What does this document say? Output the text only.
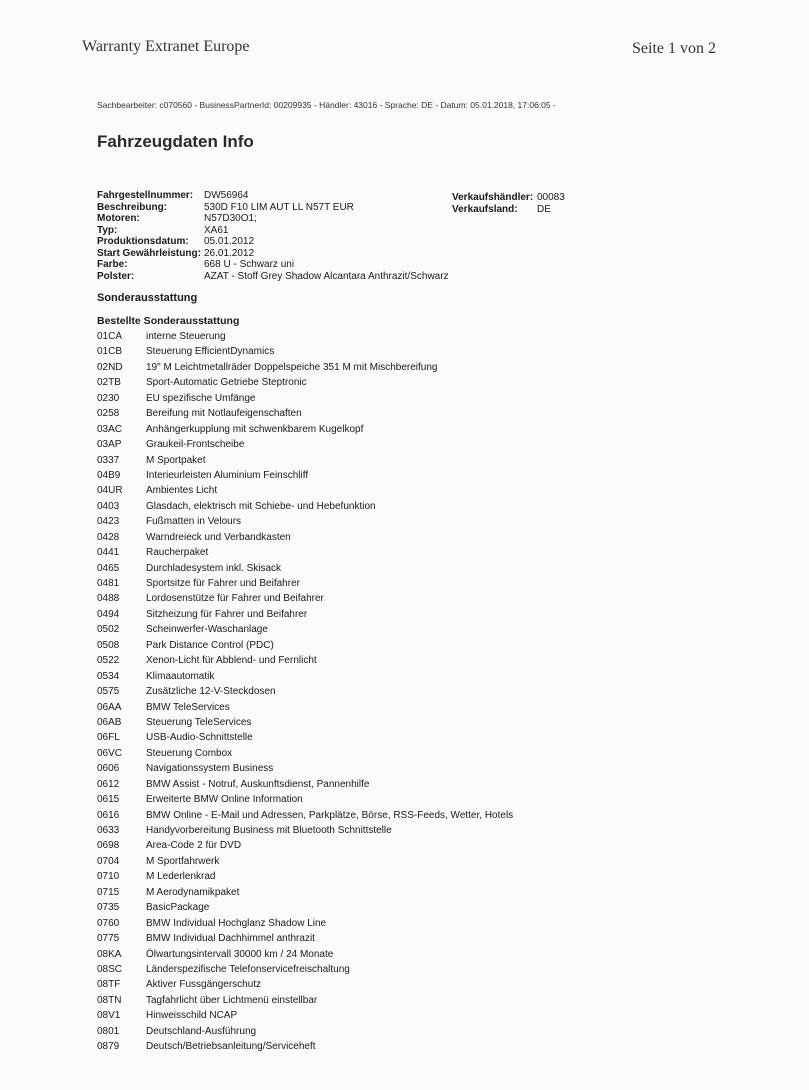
Warranty Extranet Europe	Seite 1 von 2
Sachbearbeiter: c070560 - BusinessPartnerId: 00209935 - Händler: 43016 - Sprache: DE - Datum: 05.01.2018, 17:06:05 -
Fahrzeugdaten Info
Fahrgestellnummer:	DW56964
Beschreibung:	530D F10 LIM AUT LL N57T EUR
Motoren:	N57D30O1;
Typ:	XA61
Produktionsdatum:	05.01.2012
Start Gewährleistung: 26.01.2012
Farbe:	668 U - Schwarz uni
Polster:	AZAT - Stoff Grey Shadow Alcantara Anthrazit/Schwarz
Verkaufshändler: 00083
Verkaufsland:	DE
Sonderausstattung
Bestellte Sonderausstattung
01CA	interne Steuerung
01CB	Steuerung EfficientDynamics
02ND	19" M Leichtmetallräder Doppelspeiche 351 M mit Mischbereifung
02TB	Sport-Automatic Getriebe Steptronic
0230	EU spezifische Umfänge
0258	Bereifung mit Notlaufeigenschaften
03AC	Anhängerkupplung mit schwenkbarem Kugelkopf
03AP	Graukeil-Frontscheibe
0337	M Sportpaket
04B9	Interieurleisten Aluminium Feinschliff
04UR	Ambientes Licht
0403	Glasdach, elektrisch mit Schiebe- und Hebefunktion
0423	Fußmatten in Velours
0428	Warndreieck und Verbandkasten
0441	Raucherpaket
0465	Durchladesystem inkl. Skisack
0481	Sportsitze für Fahrer und Beifahrer
0488	Lordosenstütze für Fahrer und Beifahrer
0494	Sitzheizung für Fahrer und Beifahrer
0502	Scheinwerfer-Waschanlage
0508	Park Distance Control (PDC)
0522	Xenon-Licht für Abblend- und Fernlicht
0534	Klimaautomatik
0575	Zusätzliche 12-V-Steckdosen
06AA	BMW TeleServices
06AB	Steuerung TeleServices
06FL	USB-Audio-Schnittstelle
06VC	Steuerung Combox
0606	Navigationssystem Business
0612	BMW Assist - Notruf, Auskunftsdienst, Pannenhilfe
0615	Erweiterte BMW Online Information
0616	BMW Online - E-Mail und Adressen, Parkplätze, Börse, RSS-Feeds, Wetter, Hotels
0633	Handyvorbereitung Business mit Bluetooth Schnittstelle
0698	Area-Code 2 für DVD
0704	M Sportfahrwerk
0710	M Lederlenkrad
0715	M Aerodynamikpaket
0735	BasicPackage
0760	BMW Individual Hochglanz Shadow Line
0775	BMW Individual Dachhimmel anthrazit
08KA	Ölwartungsintervall 30000 km / 24 Monate
08SC	Länderspezifische Telefonservicefreischaltung
08TF	Aktiver Fussgängerschutz
08TN	Tagfahrlicht über Lichtmenü einstellbar
08V1	Hinweisschild NCAP
0801	Deutschland-Ausführung
0879	Deutsch/Betriebsanleitung/Serviceheft
